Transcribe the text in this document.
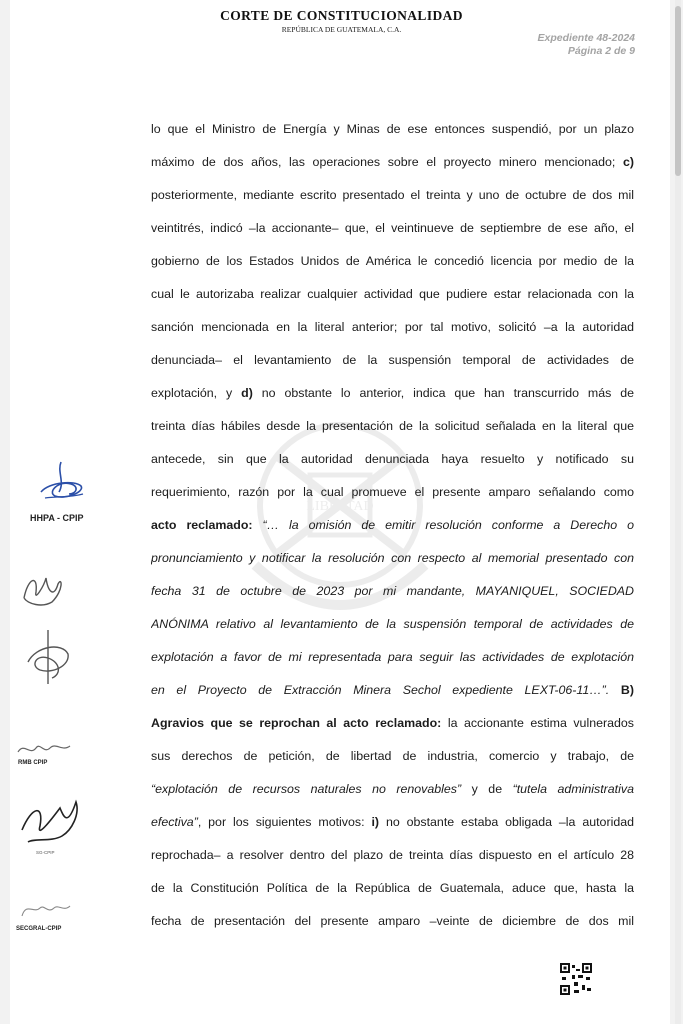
CORTE DE CONSTITUCIONALIDAD
REPÚBLICA DE GUATEMALA, C.A.
Expediente 48-2024
Página 2 de 9
LIBERTAD
lo que el Ministro de Energía y Minas de ese entonces suspendió, por un plazo
máximo de dos años, las operaciones sobre el proyecto minero mencionado; c)
posteriormente, mediante escrito presentado el treinta y uno de octubre de dos mil
veintitrés, indicó –la accionante– que, el veintinueve de septiembre de ese año, el
gobierno de los Estados Unidos de América le concedió licencia por medio de la
cual le autorizaba realizar cualquier actividad que pudiere estar relacionada con la
sanción mencionada en la literal anterior; por tal motivo, solicitó –a la autoridad
denunciada– el levantamiento de la suspensión temporal de actividades de
explotación, y d) no obstante lo anterior, indica que han transcurrido más de
treinta días hábiles desde la presentación de la solicitud señalada en la literal que
antecede, sin que la autoridad denunciada haya resuelto y notificado su
requerimiento, razón por la cual promueve el presente amparo señalando como
acto reclamado: “… la omisión de emitir resolución conforme a Derecho o
pronunciamiento y notificar la resolución con respecto al memorial presentado con
fecha 31 de octubre de 2023 por mi mandante, MAYANIQUEL, SOCIEDAD
ANÓNIMA relativo al levantamiento de la suspensión temporal de actividades de
explotación a favor de mi representada para seguir las actividades de explotación
en el Proyecto de Extracción Minera Sechol expediente LEXT-06-11…”. B)
Agravios que se reprochan al acto reclamado: la accionante estima vulnerados
sus derechos de petición, de libertad de industria, comercio y trabajo, de
“explotación de recursos naturales no renovables” y de “tutela administrativa
efectiva”, por los siguientes motivos: i) no obstante estaba obligada –la autoridad
reprochada– a resolver dentro del plazo de treinta días dispuesto en el artículo 28
de la Constitución Política de la República de Guatemala, aduce que, hasta la
fecha de presentación del presente amparo –veinte de diciembre de dos mil
HHPA - CPIP
RMB CPIP
SG-CPIP
SECGRAL-CPIP
